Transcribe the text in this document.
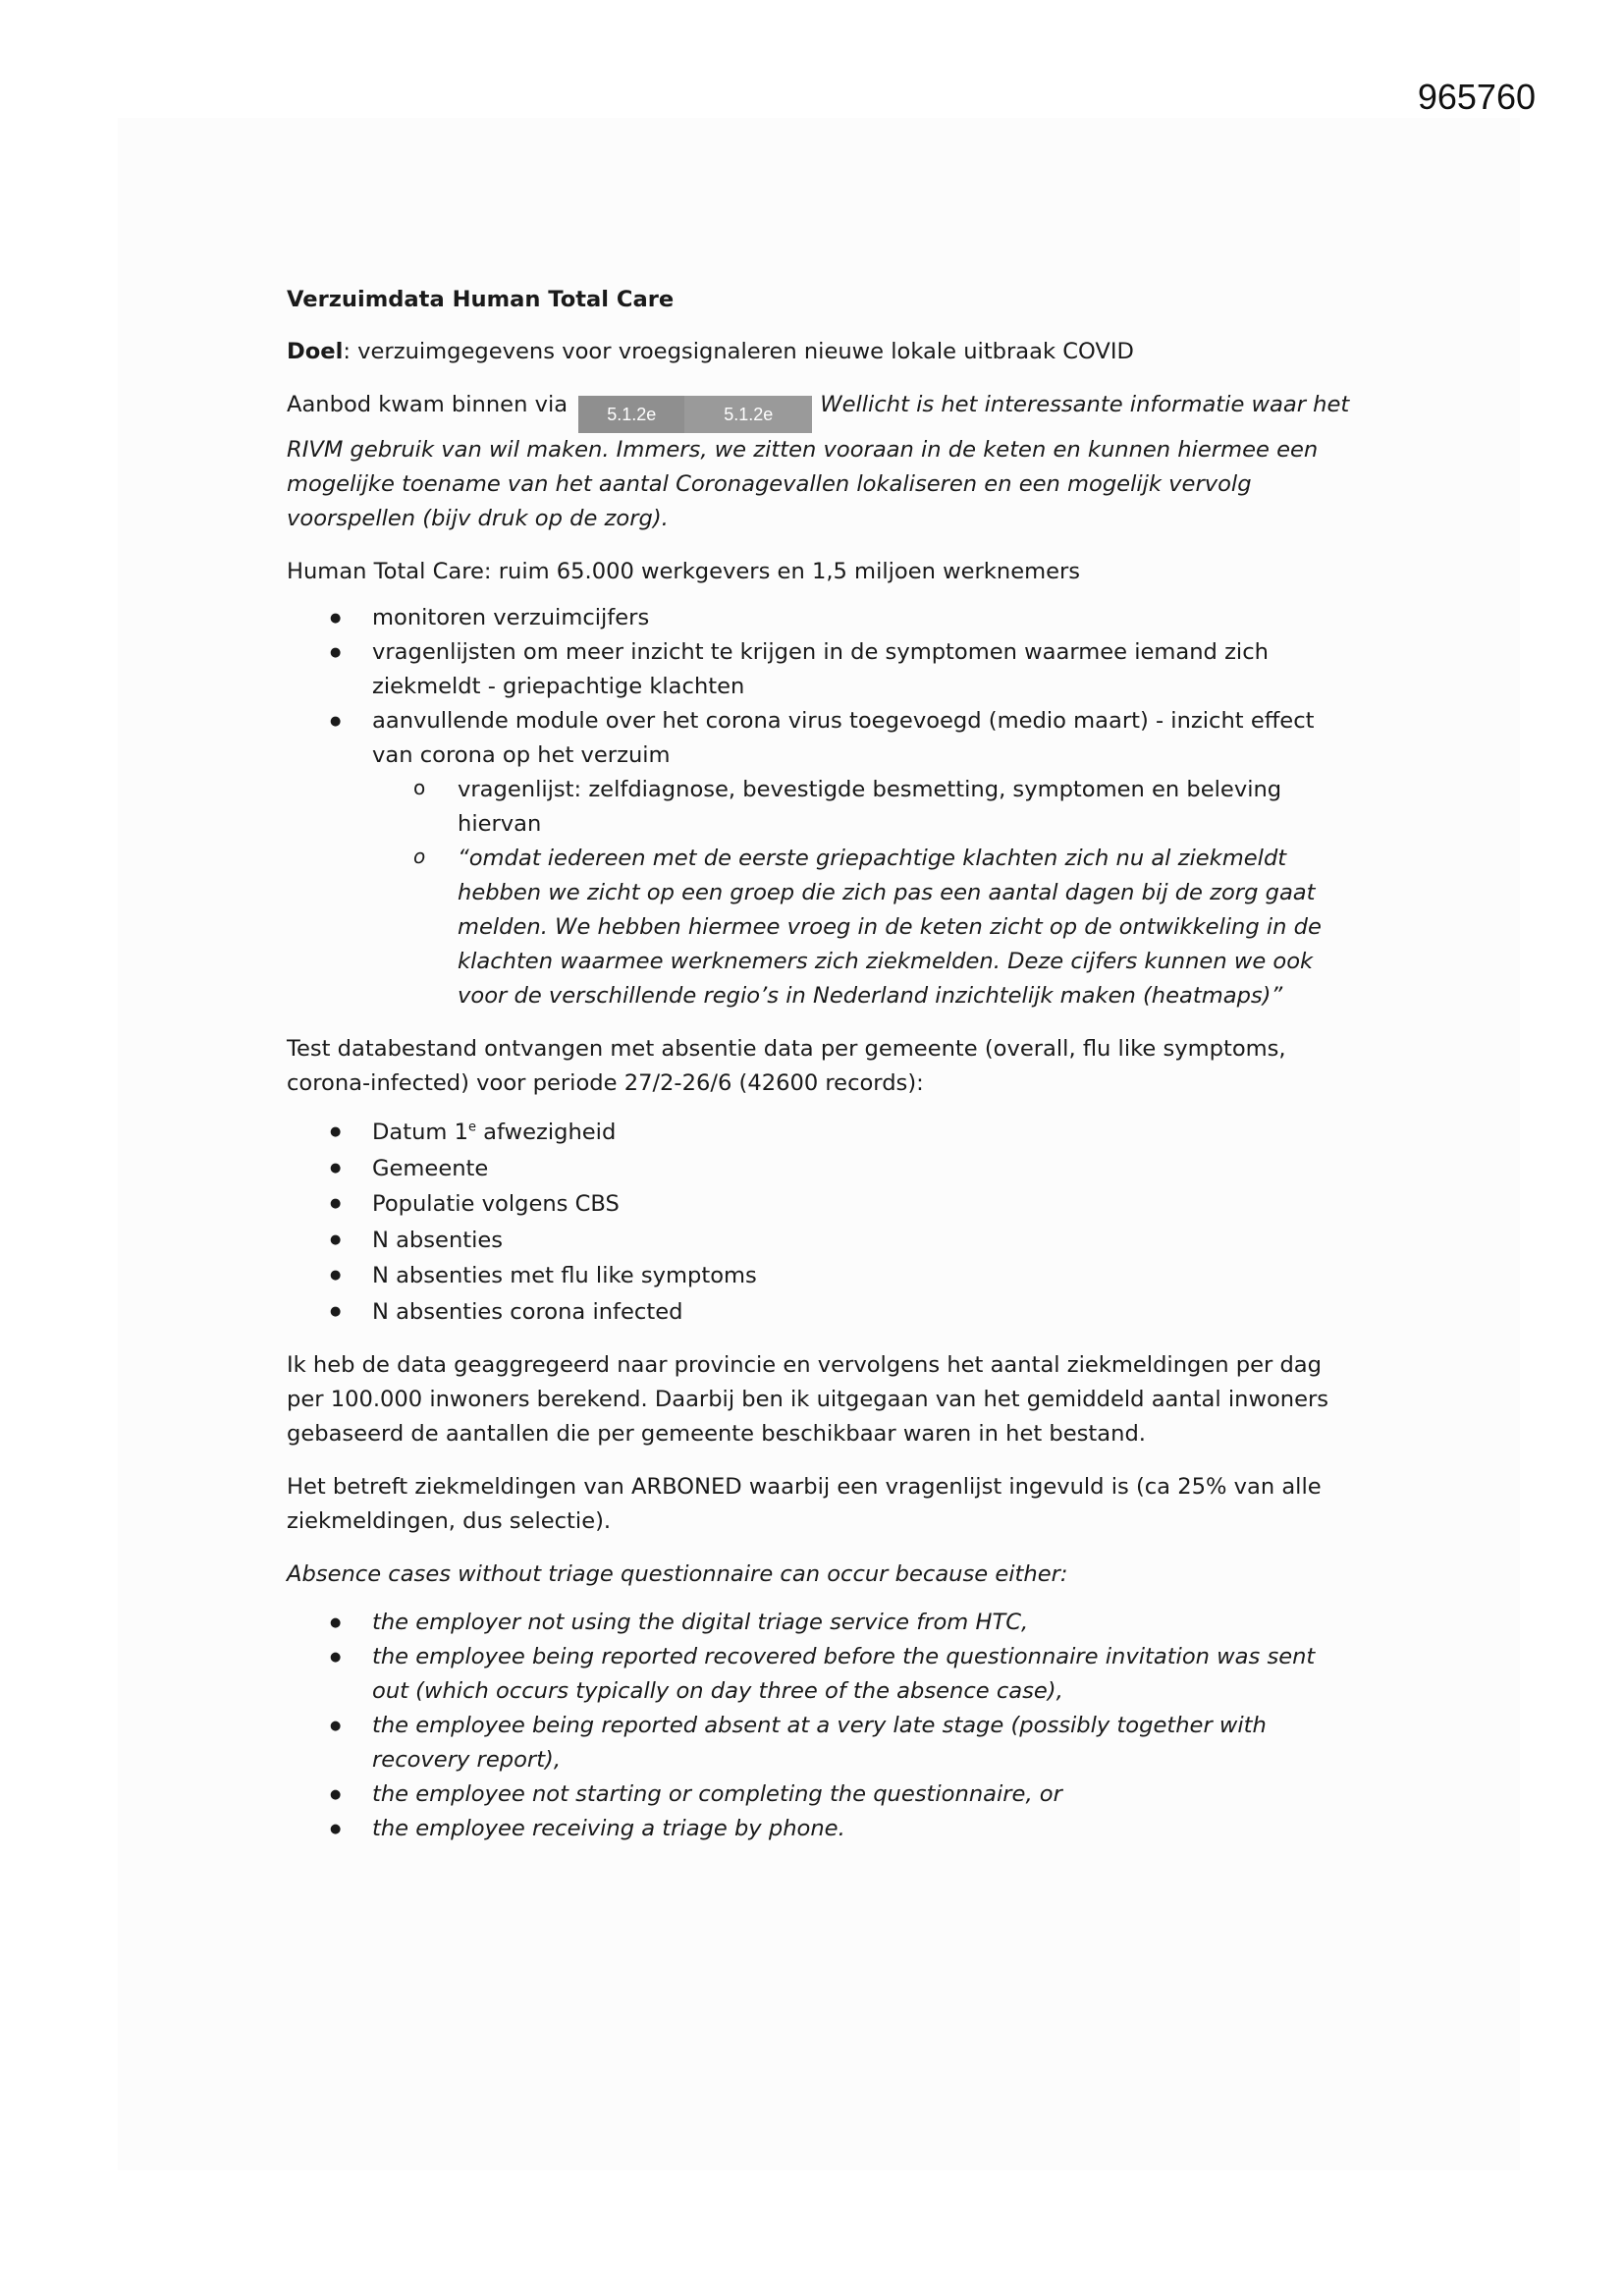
965760

Verzuimdata Human Total Care

Doel: verzuimgegevens voor vroegsignaleren nieuwe lokale uitbraak COVID

Aanbod kwam binnen via 5.1.2e	5.1.2e Wellicht is het interessante informatie waar het RIVM gebruik van wil maken. Immers, we zitten vooraan in de keten en kunnen hiermee een mogelijke toename van het aantal Coronagevallen lokaliseren en een mogelijk vervolg voorspellen (bijv druk op de zorg).

Human Total Care: ruim 65.000 werkgevers en 1,5 miljoen werknemers

● monitoren verzuimcijfers
● vragenlijsten om meer inzicht te krijgen in de symptomen waarmee iemand zich ziekmeldt - griepachtige klachten
● aanvullende module over het corona virus toegevoegd (medio maart) - inzicht effect van corona op het verzuim
o vragenlijst: zelfdiagnose, bevestigde besmetting, symptomen en beleving hiervan
o “omdat iedereen met de eerste griepachtige klachten zich nu al ziekmeldt hebben we zicht op een groep die zich pas een aantal dagen bij de zorg gaat melden. We hebben hiermee vroeg in de keten zicht op de ontwikkeling in de klachten waarmee werknemers zich ziekmelden. Deze cijfers kunnen we ook voor de verschillende regio’s in Nederland inzichtelijk maken (heatmaps)”

Test databestand ontvangen met absentie data per gemeente (overall, flu like symptoms, corona-infected) voor periode 27/2-26/6 (42600 records):

● Datum 1e afwezigheid
● Gemeente
● Populatie volgens CBS
● N absenties
● N absenties met flu like symptoms
● N absenties corona infected

Ik heb de data geaggregeerd naar provincie en vervolgens het aantal ziekmeldingen per dag per 100.000 inwoners berekend. Daarbij ben ik uitgegaan van het gemiddeld aantal inwoners gebaseerd de aantallen die per gemeente beschikbaar waren in het bestand.

Het betreft ziekmeldingen van ARBONED waarbij een vragenlijst ingevuld is (ca 25% van alle ziekmeldingen, dus selectie).

Absence cases without triage questionnaire can occur because either:

● the employer not using the digital triage service from HTC,
● the employee being reported recovered before the questionnaire invitation was sent out (which occurs typically on day three of the absence case),
● the employee being reported absent at a very late stage (possibly together with recovery report),
● the employee not starting or completing the questionnaire, or
● the employee receiving a triage by phone.
